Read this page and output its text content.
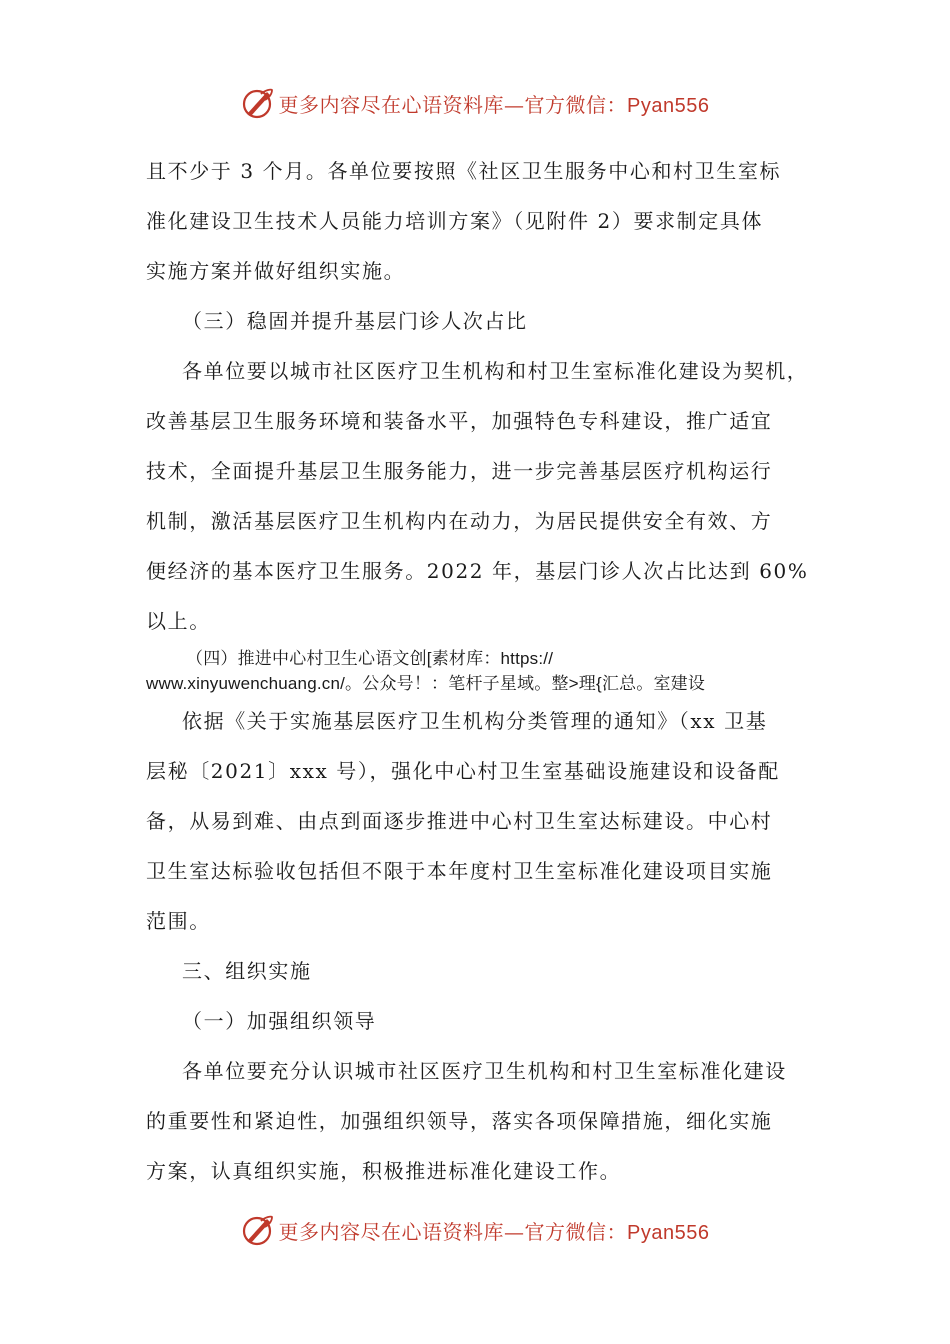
更多内容尽在心语资料库—官方微信：Pyan556
且不少于 3 个月。各单位要按照《社区卫生服务中心和村卫生室标
准化建设卫生技术人员能力培训方案》（见附件 2）要求制定具体
实施方案并做好组织实施。
（三）稳固并提升基层门诊人次占比
各单位要以城市社区医疗卫生机构和村卫生室标准化建设为契机，
改善基层卫生服务环境和装备水平，加强特色专科建设，推广适宜
技术，全面提升基层卫生服务能力，进一步完善基层医疗机构运行
机制，激活基层医疗卫生机构内在动力，为居民提供安全有效、方
便经济的基本医疗卫生服务。2022 年，基层门诊人次占比达到 60%
以上。
（四）推进中心村卫生心语文创[素材库：https://
www.xinyuwenchuang.cn/。公众号！：笔杆子星域。整>理{汇总。室建设
依据《关于实施基层医疗卫生机构分类管理的通知》（xx 卫基
层秘〔2021〕xxx 号），强化中心村卫生室基础设施建设和设备配
备，从易到难、由点到面逐步推进中心村卫生室达标建设。中心村
卫生室达标验收包括但不限于本年度村卫生室标准化建设项目实施
范围。
三、组织实施
（一）加强组织领导
各单位要充分认识城市社区医疗卫生机构和村卫生室标准化建设
的重要性和紧迫性，加强组织领导，落实各项保障措施，细化实施
方案，认真组织实施，积极推进标准化建设工作。
更多内容尽在心语资料库—官方微信：Pyan556
